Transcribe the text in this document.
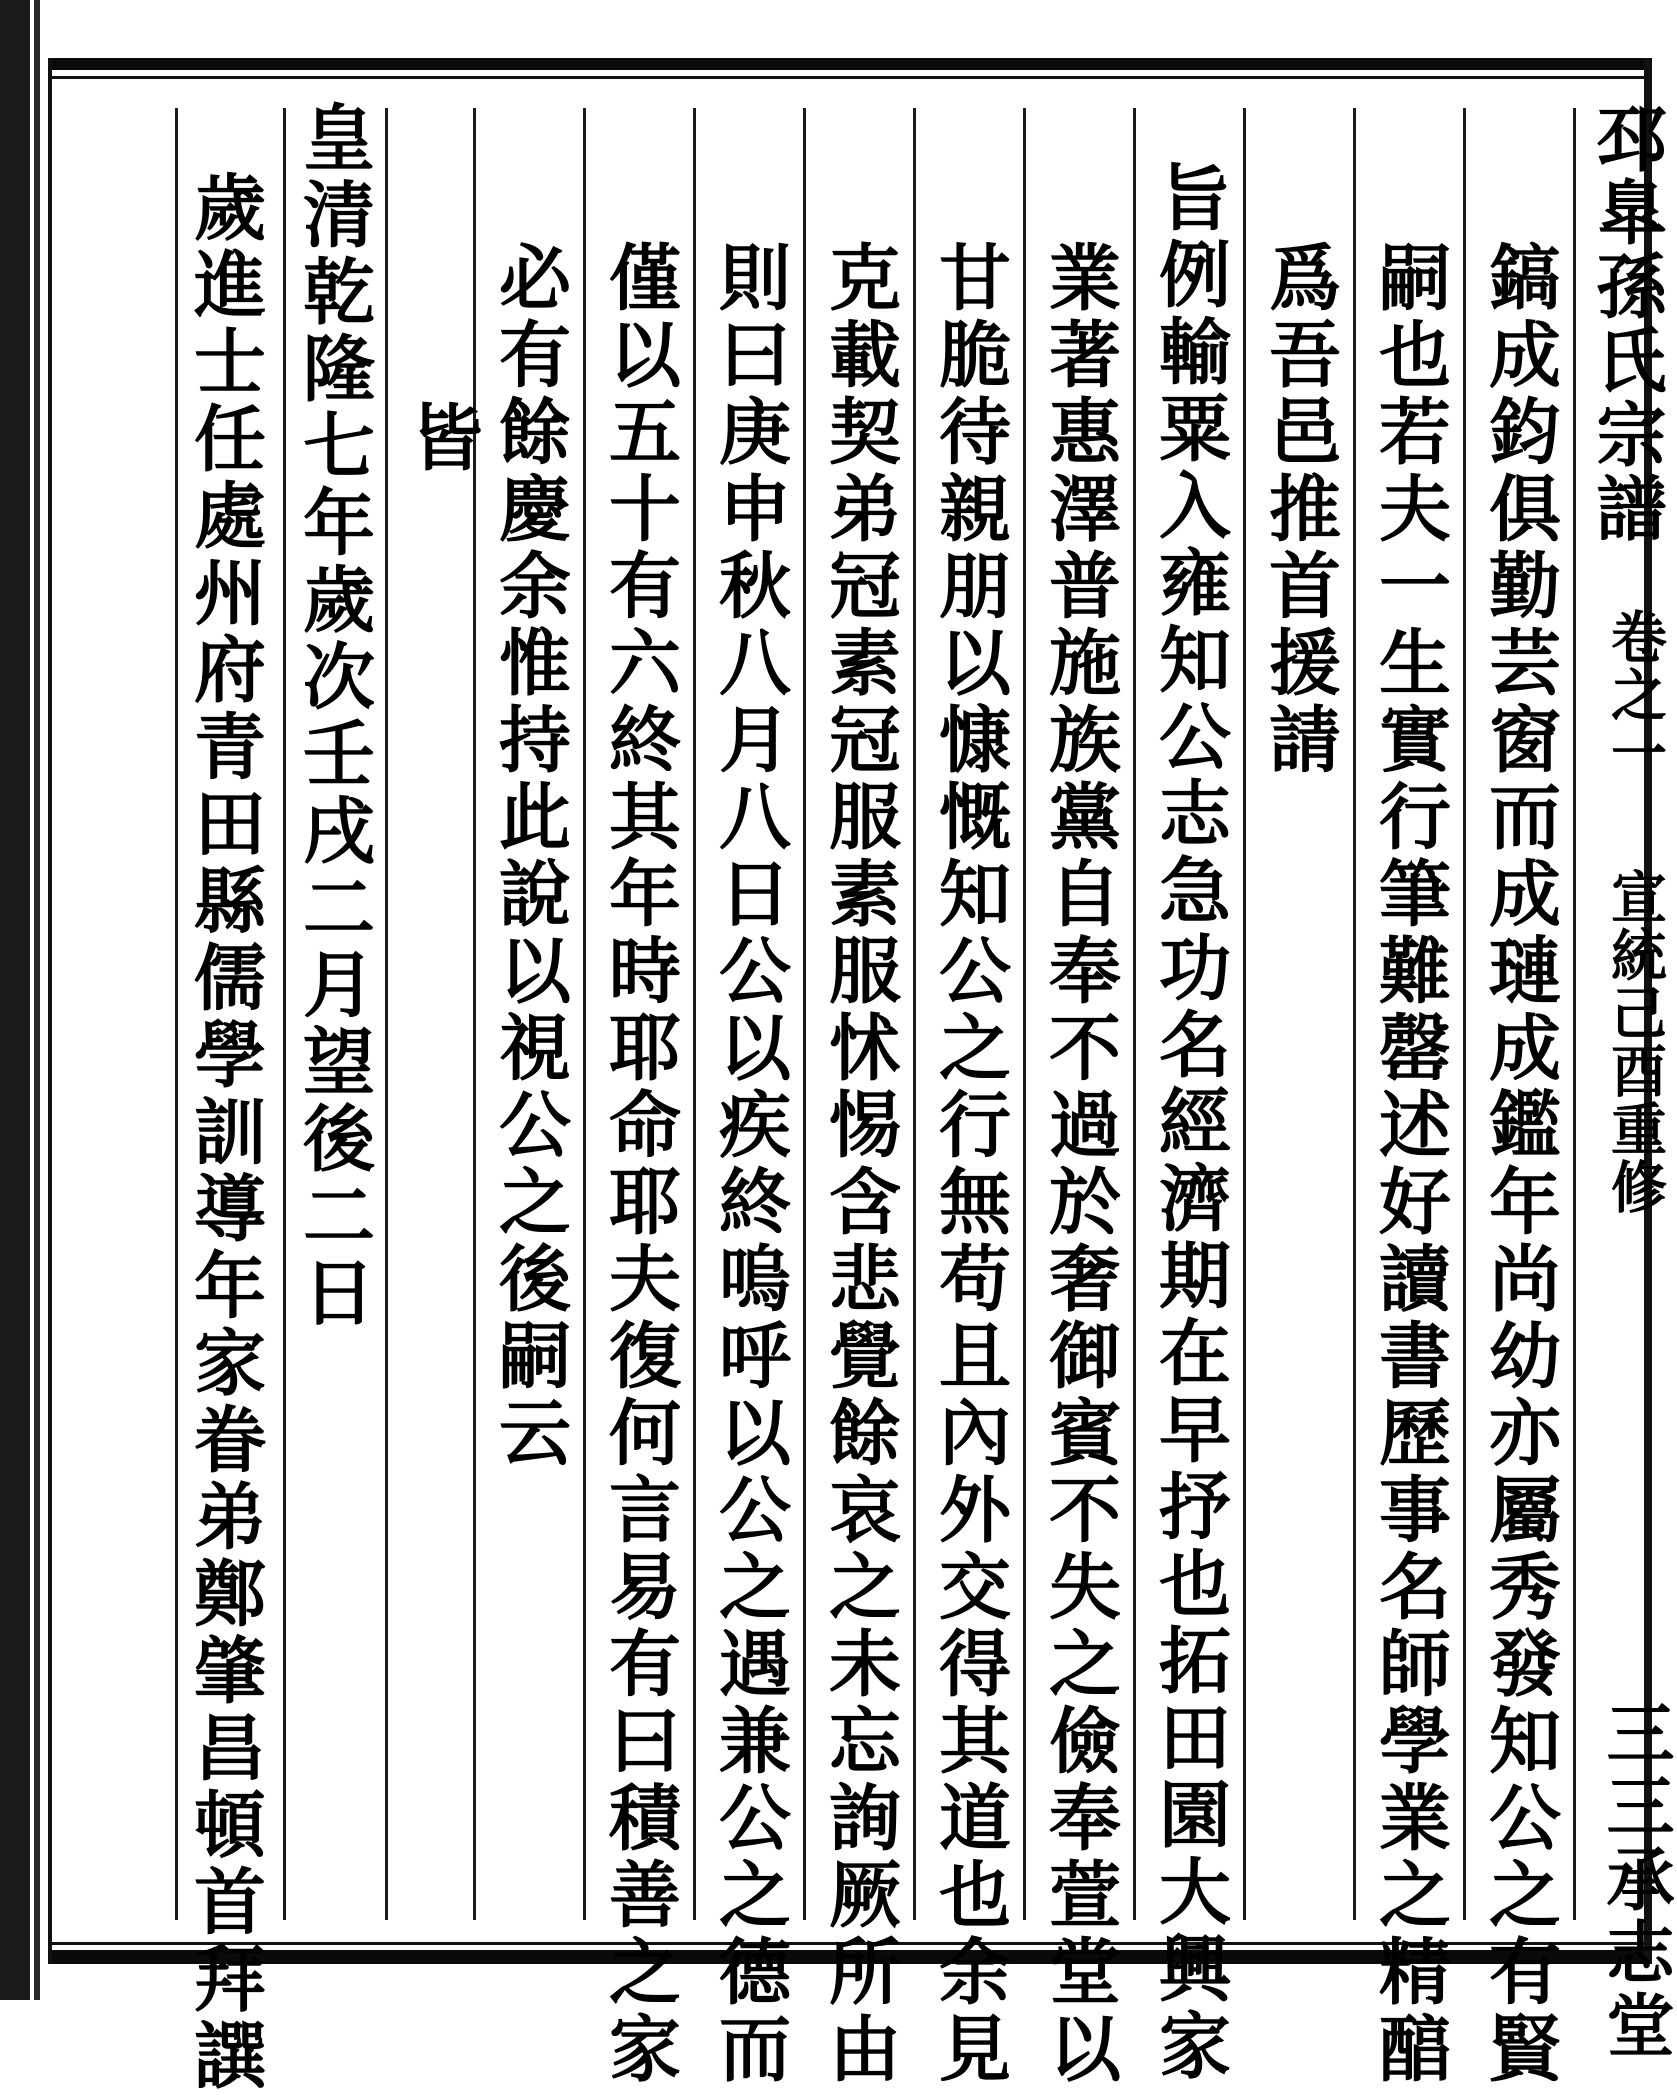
邳臯孫氏宗譜
卷之一
宣統己酉重修
三三承志堂
鎬成鈞俱勤芸窗而成璉成鑑年尚幼亦屬秀發知公之有賢
嗣也若夫一生實行筆難罄述好讀書歷事名師學業之精醕
爲吾邑推首援請
旨例輸粟入雍知公志急功名經濟期在早抒也拓田園大興家
業著惠澤普施族黨自奉不過於奢御賓不失之儉奉萱堂以
甘脆待親朋以慷慨知公之行無苟且內外交得其道也余見
克載契弟冠素冠服素服怵惕含悲覺餘哀之未忘詢厥所由
則曰庚申秋八月八日公以疾終嗚呼以公之遇兼公之德而
僅以五十有六終其年時耶命耶夫復何言易有曰積善之家
必有餘慶余惟持此說以視公之後嗣云
皆
皇清乾隆七年歲次壬戌二月望後二日
歲進士任處州府青田縣儒學訓導年家眷弟鄭肇昌頓首拜譔
